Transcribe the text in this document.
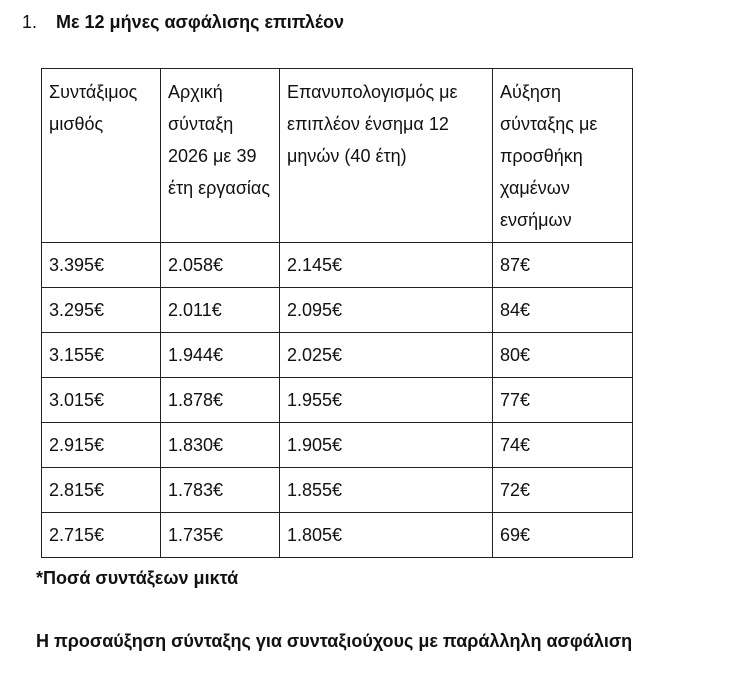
1.	Με 12 μήνες ασφάλισης επιπλέον
Συντάξιμος μισθός	Αρχική σύνταξη 2026 με 39 έτη εργασίας	Επανυπολογισμός με επιπλέον ένσημα 12 μηνών (40 έτη)	Αύξηση σύνταξης με προσθήκη χαμένων ενσήμων
3.395€	2.058€	2.145€	87€
3.295€	2.011€	2.095€	84€
3.155€	1.944€	2.025€	80€
3.015€	1.878€	1.955€	77€
2.915€	1.830€	1.905€	74€
2.815€	1.783€	1.855€	72€
2.715€	1.735€	1.805€	69€
*Ποσά συντάξεων μικτά
Η προσαύξηση σύνταξης για συνταξιούχους με παράλληλη ασφάλιση
